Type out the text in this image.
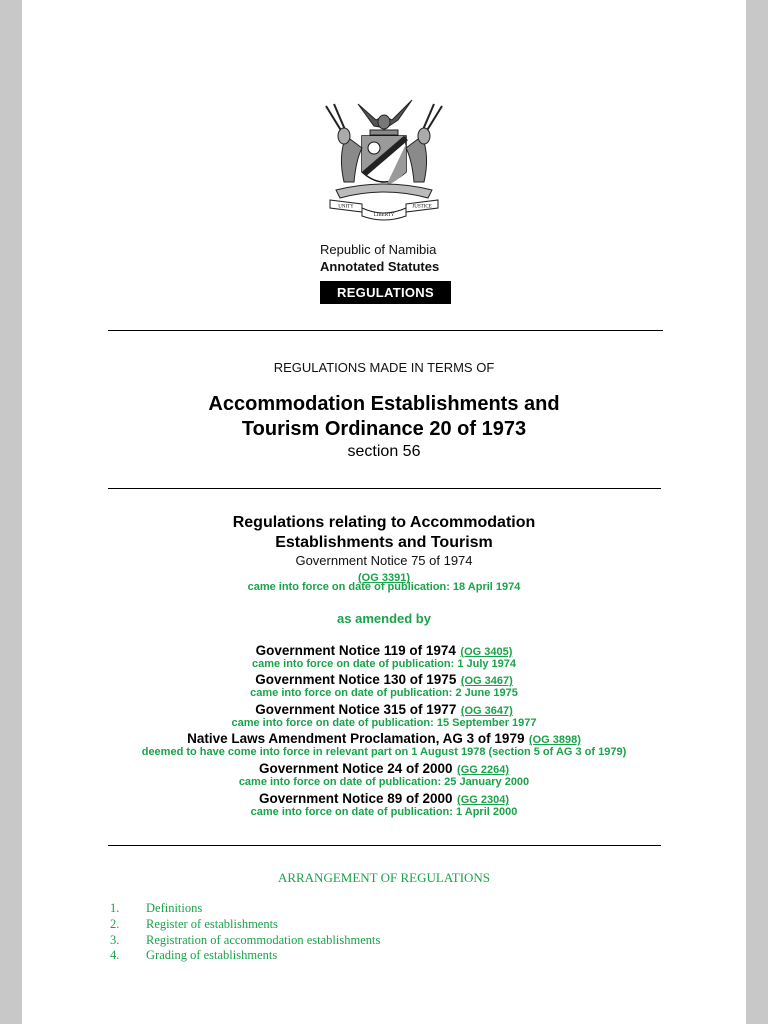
UNITY
LIBERTY
JUSTICE
Republic of Namibia
Annotated Statutes
REGULATIONS
REGULATIONS MADE IN TERMS OF
Accommodation Establishments and
Tourism Ordinance 20 of 1973
section 56
Regulations relating to Accommodation
Establishments and Tourism
Government Notice 75 of 1974
(OG 3391)
came into force on date of publication: 18 April 1974
as amended by
Government Notice 119 of 1974 (OG 3405)
came into force on date of publication: 1 July 1974
Government Notice 130 of 1975 (OG 3467)
came into force on date of publication: 2 June 1975
Government Notice 315 of 1977 (OG 3647)
came into force on date of publication: 15 September 1977
Native Laws Amendment Proclamation, AG 3 of 1979 (OG 3898)
deemed to have come into force in relevant part on 1 August 1978 (section 5 of AG 3 of 1979)
Government Notice 24 of 2000 (GG 2264)
came into force on date of publication: 25 January 2000
Government Notice 89 of 2000 (GG 2304)
came into force on date of publication: 1 April 2000
ARRANGEMENT OF REGULATIONS
1. Definitions
2. Register of establishments
3. Registration of accommodation establishments
4. Grading of establishments
